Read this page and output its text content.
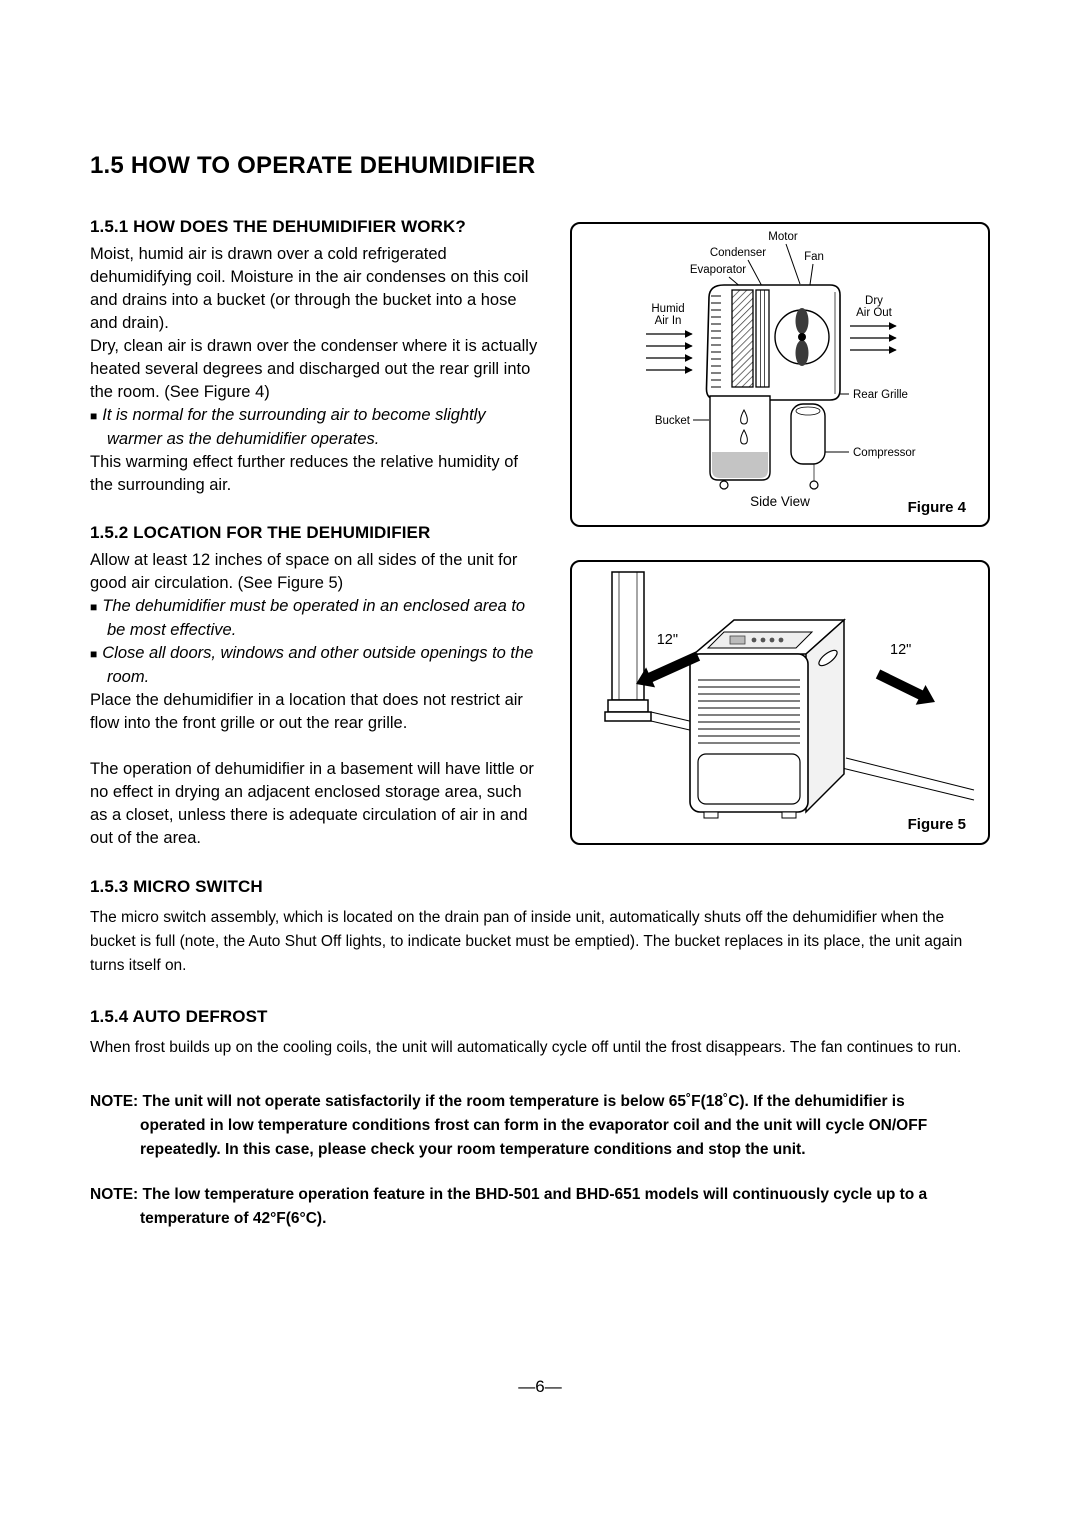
1.5 HOW TO OPERATE DEHUMIDIFIER
1.5.1 HOW DOES THE DEHUMIDIFIER WORK?

Moist, humid air is drawn over a cold refrigerated dehumidifying coil. Moisture in the air condenses on this coil and drains into a bucket (or through the bucket into a hose and drain).

Dry, clean air is drawn over the condenser where it is actually heated several degrees and discharged out the rear grill into the room. (See Figure 4)

■ It is normal for the surrounding air to become slightly warmer as the dehumidifier operates.

This warming effect further reduces the relative humidity of the surrounding air.

1.5.2 LOCATION FOR THE DEHUMIDIFIER

Allow at least 12 inches of space on all sides of the unit for good air circulation. (See Figure 5)

■ The dehumidifier must be operated in an enclosed area to be most effective.
■ Close all doors, windows and other outside openings to the room.

Place the dehumidifier in a location that does not restrict air flow into the front grille or out the rear grille.

The operation of dehumidifier in a basement will have little or no effect in drying an adjacent enclosed storage area, such as a closet, unless there is adequate circulation of air in and out of the area.

Motor
Condenser	Fan
Evaporator
Humid
Air In
Dry
Air Out
Rear Grille
Compressor
Bucket
Side View	Figure 4
12"
12"
Figure 5
1.5.3 MICRO SWITCH

The micro switch assembly, which is located on the drain pan of inside unit, automatically shuts off the dehumidifier when the bucket is full (note, the Auto Shut Off lights, to indicate bucket must be emptied). The bucket replaces in its place, the unit again turns itself on.

1.5.4 AUTO DEFROST

When frost builds up on the cooling coils, the unit will automatically cycle off until the frost disappears. The fan continues to run.

NOTE: The unit will not operate satisfactorily if the room temperature is below 65˚F(18˚C). If the dehumidifier is operated in low temperature conditions frost can form in the evaporator coil and the unit will cycle ON/OFF repeatedly. In this case, please check your room temperature conditions and stop the unit.
NOTE: The low temperature operation feature in the BHD-501 and BHD-651 models will continuously cycle up to a temperature of 42°F(6°C).
—6—
